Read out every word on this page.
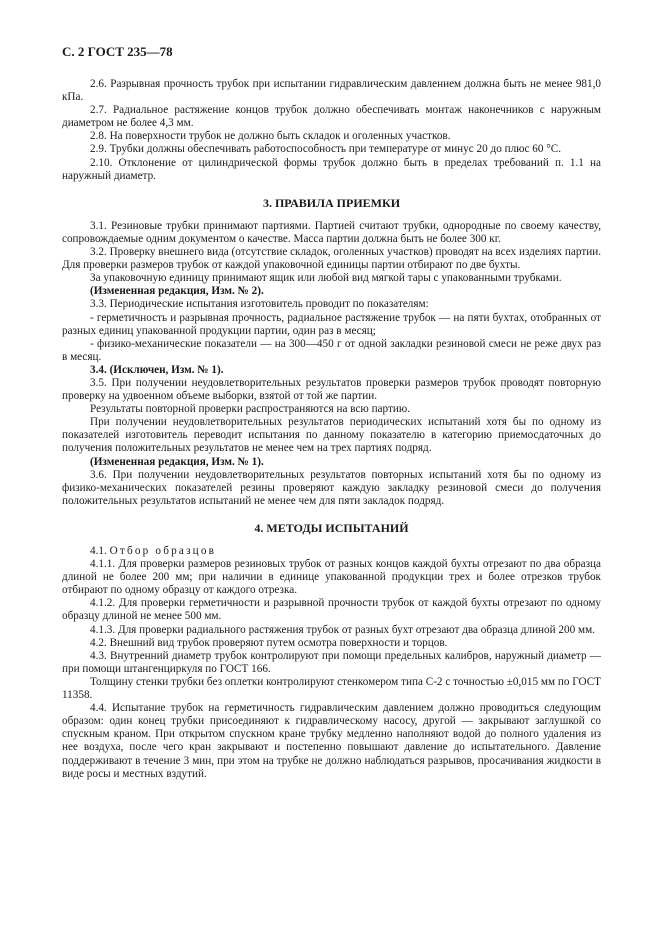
С. 2 ГОСТ 235—78

2.6. Разрывная прочность трубок при испытании гидравлическим давлением должна быть не менее 981,0 кПа.

2.7. Радиальное растяжение концов трубок должно обеспечивать монтаж наконечников с наружным диаметром не более 4,3 мм.

2.8. На поверхности трубок не должно быть складок и оголенных участков.

2.9. Трубки должны обеспечивать работоспособность при температуре от минус 20 до плюс 60 °С.

2.10. Отклонение от цилиндрической формы трубок должно быть в пределах требований п. 1.1 на наружный диаметр.

3. ПРАВИЛА ПРИЕМКИ

3.1. Резиновые трубки принимают партиями. Партией считают трубки, однородные по своему качеству, сопровождаемые одним документом о качестве. Масса партии должна быть не более 300 кг.

3.2. Проверку внешнего вида (отсутствие складок, оголенных участков) проводят на всех изделиях партии. Для проверки размеров трубок от каждой упаковочной единицы партии отбирают по две бухты.

За упаковочную единицу принимают ящик или любой вид мягкой тары с упакованными трубками.

(Измененная редакция, Изм. № 2).

3.3. Периодические испытания изготовитель проводит по показателям:

- герметичность и разрывная прочность, радиальное растяжение трубок — на пяти бухтах, отобранных от разных единиц упакованной продукции партии, один раз в месяц;

- физико-механические показатели — на 300—450 г от одной закладки резиновой смеси не реже двух раз в месяц.

3.4. (Исключен, Изм. № 1).

3.5. При получении неудовлетворительных результатов проверки размеров трубок проводят повторную проверку на удвоенном объеме выборки, взятой от той же партии.

Результаты повторной проверки распространяются на всю партию.

При получении неудовлетворительных результатов периодических испытаний хотя бы по одному из показателей изготовитель переводит испытания по данному показателю в категорию приемосдаточных до получения положительных результатов не менее чем на трех партиях подряд.

(Измененная редакция, Изм. № 1).

3.6. При получении неудовлетворительных результатов повторных испытаний хотя бы по одному из физико-механических показателей резины проверяют каждую закладку резиновой смеси до получения положительных результатов испытаний не менее чем для пяти закладок подряд.

4. МЕТОДЫ ИСПЫТАНИЙ

4.1. Отбор образцов

4.1.1. Для проверки размеров резиновых трубок от разных концов каждой бухты отрезают по два образца длиной не более 200 мм; при наличии в единице упакованной продукции трех и более отрезков трубок отбирают по одному образцу от каждого отрезка.

4.1.2. Для проверки герметичности и разрывной прочности трубок от каждой бухты отрезают по одному образцу длиной не менее 500 мм.

4.1.3. Для проверки радиального растяжения трубок от разных бухт отрезают два образца длиной 200 мм.

4.2. Внешний вид трубок проверяют путем осмотра поверхности и торцов.

4.3. Внутренний диаметр трубок контролируют при помощи предельных калибров, наружный диаметр — при помощи штангенциркуля по ГОСТ 166.

Толщину стенки трубки без оплетки контролируют стенкомером типа С-2 с точностью ±0,015 мм по ГОСТ 11358.

4.4. Испытание трубок на герметичность гидравлическим давлением должно проводиться следующим образом: один конец трубки присоединяют к гидравлическому насосу, другой — закрывают заглушкой со спускным краном. При открытом спускном кране трубку медленно наполняют водой до полного удаления из нее воздуха, после чего кран закрывают и постепенно повышают давление до испытательного. Давление поддерживают в течение 3 мин, при этом на трубке не должно наблюдаться разрывов, просачивания жидкости в виде росы и местных вздутий.
